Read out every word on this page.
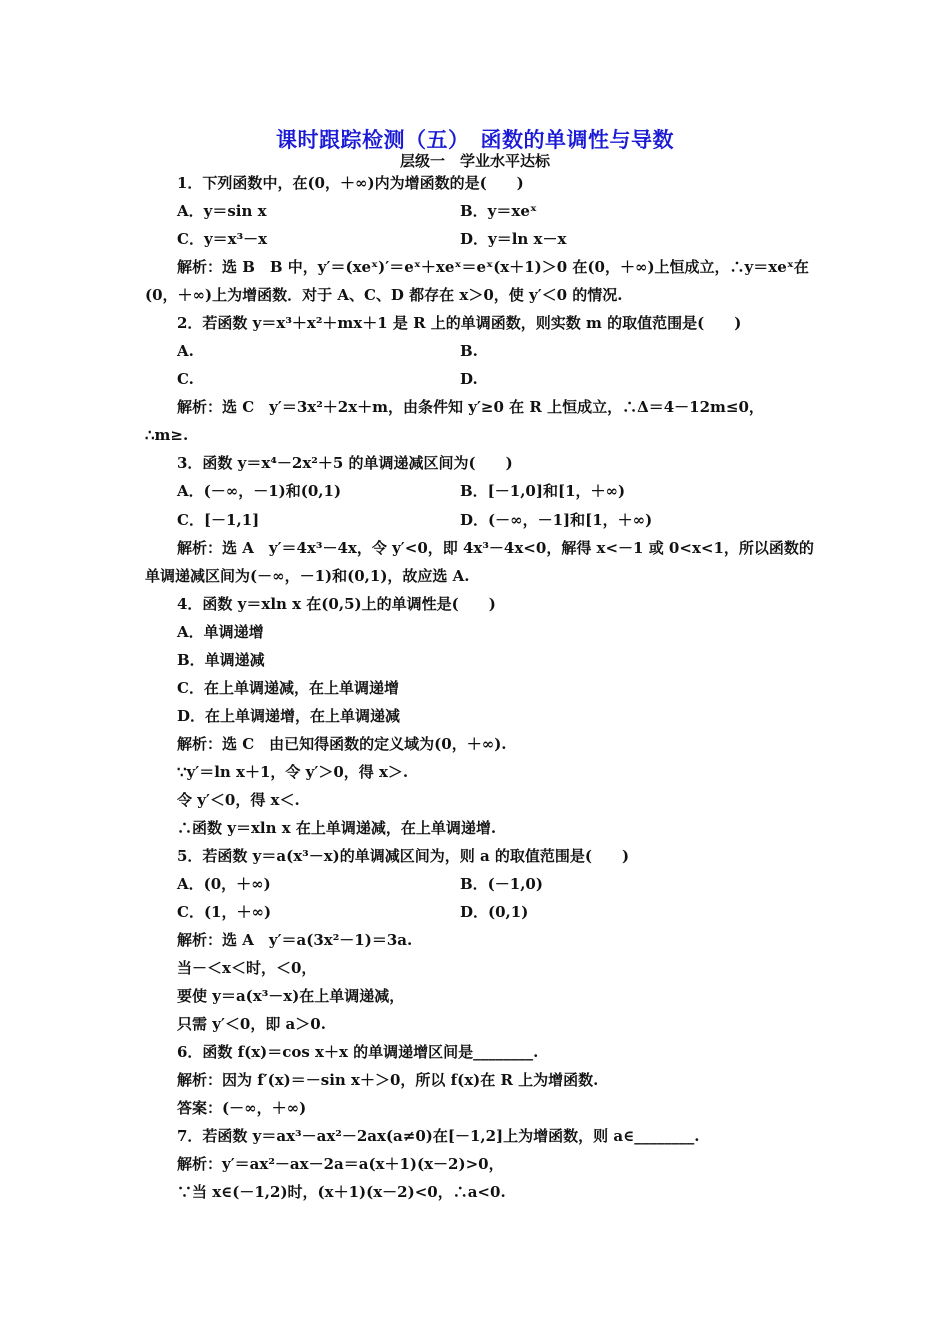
课时跟踪检测（五）　函数的单调性与导数
层级一　学业水平达标
1．下列函数中，在(0，＋∞)内为增函数的是(　　)
A．y＝sin x	B．y＝xeˣ
C．y＝x³－x	D．y＝ln x－x
解析：选 B　B 中，y′＝(xeˣ)′＝eˣ＋xeˣ＝eˣ(x＋1)＞0 在(0，＋∞)上恒成立，∴y＝xeˣ在
(0，＋∞)上为增函数．对于 A、C、D 都存在 x＞0，使 y′＜0 的情况.
2．若函数 y＝x³＋x²＋mx＋1 是 R 上的单调函数，则实数 m 的取值范围是(　　)
A.	B.
C.	D.
解析：选 C　y′＝3x²＋2x＋m，由条件知 y′≥0 在 R 上恒成立，∴Δ＝4－12m≤0，
∴m≥.
3．函数 y＝x⁴－2x²＋5 的单调递减区间为(　　)
A．(－∞，－1)和(0,1)	B．[－1,0]和[1，＋∞)
C．[－1,1]	D．(－∞，－1]和[1，＋∞)
解析：选 A　y′＝4x³－4x，令 y′<0，即 4x³－4x<0，解得 x<－1 或 0<x<1，所以函数的
单调递减区间为(－∞，－1)和(0,1)，故应选 A.
4．函数 y＝xln x 在(0,5)上的单调性是(　　)
A．单调递增
B．单调递减
C．在上单调递减，在上单调递增
D．在上单调递增，在上单调递减
解析：选 C　由已知得函数的定义域为(0，＋∞).
∵y′＝ln x＋1，令 y′＞0，得 x＞.
令 y′＜0，得 x＜.
∴函数 y＝xln x 在上单调递减，在上单调递增.
5．若函数 y＝a(x³－x)的单调减区间为，则 a 的取值范围是(　　)
A．(0，＋∞)	B．(－1,0)
C．(1，＋∞)	D．(0,1)
解析：选 A　y′＝a(3x²－1)＝3a.
当－＜x＜时，＜0，
要使 y＝a(x³－x)在上单调递减，
只需 y′＜0，即 a＞0.
6．函数 f(x)＝cos x＋x 的单调递增区间是________.
解析：因为 f′(x)＝－sin x＋＞0，所以 f(x)在 R 上为增函数.
答案：(－∞，＋∞)
7．若函数 y＝ax³－ax²－2ax(a≠0)在[－1,2]上为增函数，则 a∈________.
解析：y′＝ax²－ax－2a＝a(x＋1)(x－2)>0，
∵当 x∈(－1,2)时，(x＋1)(x－2)<0，∴a<0.
